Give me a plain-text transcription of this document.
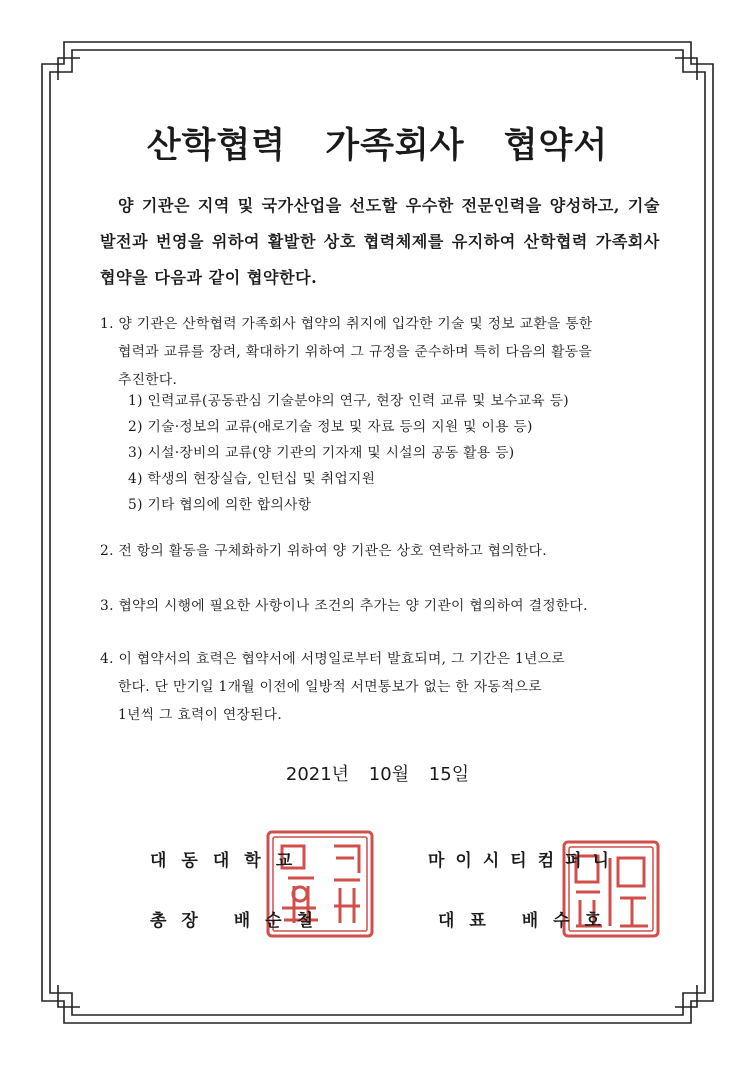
산학협력 가족회사 협약서
양 기관은 지역 및 국가산업을 선도할 우수한 전문인력을 양성하고, 기술발전과 번영을 위하여 활발한 상호 협력체제를 유지하여 산학협력 가족회사 협약을 다음과 같이 협약한다.
1. 양 기관은 산학협력 가족회사 협약의 취지에 입각한 기술 및 정보 교환을 통한
협력과 교류를 장려, 확대하기 위하여 그 규정을 준수하며 특히 다음의 활동을
추진한다.
1) 인력교류(공동관심 기술분야의 연구, 현장 인력 교류 및 보수교육 등)
2) 기술·정보의 교류(애로기술 정보 및 자료 등의 지원 및 이용 등)
3) 시설·장비의 교류(양 기관의 기자재 및 시설의 공동 활용 등)
4) 학생의 현장실습, 인턴십 및 취업지원
5) 기타 협의에 의한 합의사항
2. 전 항의 활동을 구체화하기 위하여 양 기관은 상호 연락하고 협의한다.
3. 협약의 시행에 필요한 사항이나 조건의 추가는 양 기관이 협의하여 결정한다.
4. 이 협약서의 효력은 협약서에 서명일로부터 발효되며, 그 기간은 1년으로
한다. 단 만기일 1개월 이전에 일방적 서면통보가 없는 한 자동적으로
1년씩 그 효력이 연장된다.
2021년 10월 15일
대동대학교
총장 배순철
마이시티컴퍼니
대표 배수호
